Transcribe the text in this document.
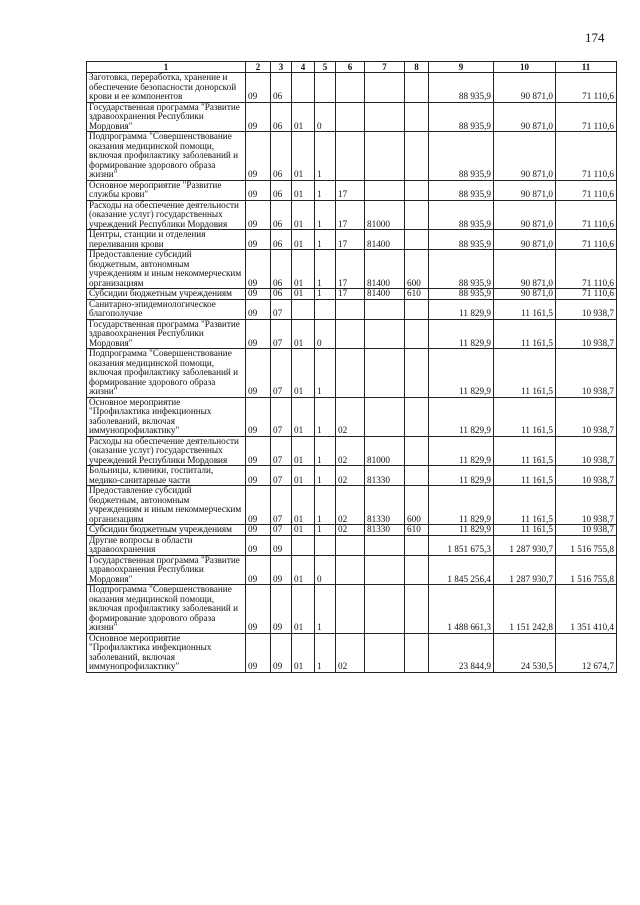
174
1	2	3	4	5	6	7	8	9	10	11
Заготовка, переработка, хранение и обеспечение безопасности донорской крови и ее компонентов	09	06						88 935,9	90 871,0	71 110,6
Государственная программа "Развитие здравоохранения Республики Мордовия"	09	06	01	0				88 935,9	90 871,0	71 110,6
Подпрограмма "Совершенствование оказания медицинской помощи, включая профилактику заболеваний и формирование здорового образа жизни"	09	06	01	1				88 935,9	90 871,0	71 110,6
Основное мероприятие "Развитие службы крови"	09	06	01	1	17			88 935,9	90 871,0	71 110,6
Расходы на обеспечение деятельности (оказание услуг) государственных учреждений Республики Мордовия	09	06	01	1	17	81000		88 935,9	90 871,0	71 110,6
Центры, станции и отделения переливания крови	09	06	01	1	17	81400		88 935,9	90 871,0	71 110,6
Предоставление субсидий бюджетным, автономным учреждениям и иным некоммерческим организациям	09	06	01	1	17	81400	600	88 935,9	90 871,0	71 110,6
Субсидии бюджетным учреждениям	09	06	01	1	17	81400	610	88 935,9	90 871,0	71 110,6
Санитарно-эпидемиологическое благополучие	09	07						11 829,9	11 161,5	10 938,7
Государственная программа "Развитие здравоохранения Республики Мордовия"	09	07	01	0				11 829,9	11 161,5	10 938,7
Подпрограмма "Совершенствование оказания медицинской помощи, включая профилактику заболеваний и формирование здорового образа жизни"	09	07	01	1				11 829,9	11 161,5	10 938,7
Основное мероприятие "Профилактика инфекционных заболеваний, включая иммунопрофилактику"	09	07	01	1	02			11 829,9	11 161,5	10 938,7
Расходы на обеспечение деятельности (оказание услуг) государственных учреждений Республики Мордовия	09	07	01	1	02	81000		11 829,9	11 161,5	10 938,7
Больницы, клиники, госпитали, медико-санитарные части	09	07	01	1	02	81330		11 829,9	11 161,5	10 938,7
Предоставление субсидий бюджетным, автономным учреждениям и иным некоммерческим организациям	09	07	01	1	02	81330	600	11 829,9	11 161,5	10 938,7
Субсидии бюджетным учреждениям	09	07	01	1	02	81330	610	11 829,9	11 161,5	10 938,7
Другие вопросы в области здравоохранения	09	09						1 851 675,3	1 287 930,7	1 516 755,8
Государственная программа "Развитие здравоохранения Республики Мордовия"	09	09	01	0				1 845 256,4	1 287 930,7	1 516 755,8
Подпрограмма "Совершенствование оказания медицинской помощи, включая профилактику заболеваний и формирование здорового образа жизни"	09	09	01	1				1 488 661,3	1 151 242,8	1 351 410,4
Основное мероприятие "Профилактика инфекционных заболеваний, включая иммунопрофилактику"	09	09	01	1	02			23 844,9	24 530,5	12 674,7
